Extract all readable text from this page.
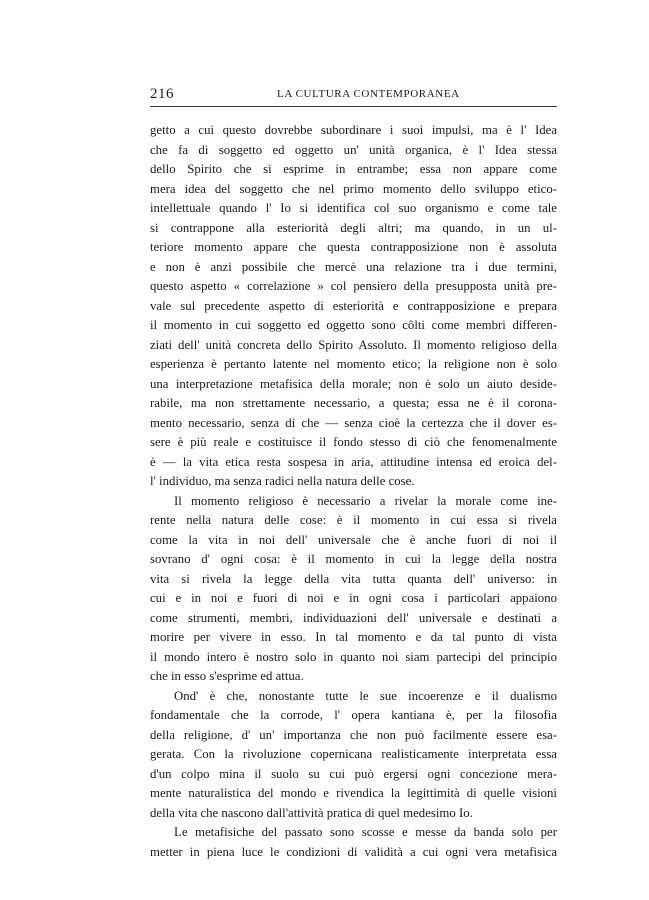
216	LA CULTURA CONTEMPORANEA
getto a cui questo dovrebbe subordinare i suoi impulsi, ma è l' Idea
che fa di soggetto ed oggetto un' unità organica, è l' Idea stessa
dello Spirito che si esprime in entrambe; essa non appare come
mera idea del soggetto che nel primo momento dello sviluppo etico-
intellettuale quando l' Io si identifica col suo organismo e come tale
si contrappone alla esteriorità degli altri; ma quando, in un ul-
teriore momento appare che questa contrapposizione non è assoluta
e non è anzi possibile che mercè una relazione tra i due termini,
questo aspetto « correlazione » col pensiero della presupposta unità pre-
vale sul precedente aspetto di esteriorità e contrapposizione e prepara
il momento in cui soggetto ed oggetto sono côlti come membri differen-
ziati dell' unità concreta dello Spirito Assoluto. Il momento religioso della
esperienza è pertanto latente nel momento etico; la religione non è solo
una interpretazione metafisica della morale; non è solo un aiuto deside-
rabile, ma non strettamente necessario, a questa; essa ne è il corona-
mento necessario, senza di che — senza cioè la certezza che il dover es-
sere è più reale e costituisce il fondo stesso di ciò che fenomenalmente
è — la vita etica resta sospesa in aria, attitudine intensa ed eroica del-
l' individuo, ma senza radici nella natura delle cose.
Il momento religioso è necessario a rivelar la morale come ine-
rente nella natura delle cose: è il momento in cui essa si rivela
come la vita in noi dell' universale che è anche fuori di noi il
sovrano d' ogni cosa: è il momento in cui la legge della nostra
vita si rivela la legge della vita tutta quanta dell' universo: in
cui e in noi e fuori di noi e in ogni cosa i particolari appaiono
come strumenti, membri, individuazioni dell' universale e destinati a
morire per vivere in esso. In tal momento e da tal punto di vista
il mondo intero è nostro solo in quanto noi siam partecipi del principio
che in esso s'esprime ed attua.
Ond' è che, nonostante tutte le sue incoerenze e il dualismo
fondamentale che la corrode, l' opera kantiana è, per la filosofia
della religione, d' un' importanza che non può facilmente essere esa-
gerata. Con la rivoluzione copernicana realisticamente interpretata essa
d'un colpo mina il suolo su cui può ergersi ogni concezione mera-
mente naturalistica del mondo e rivendica la legittimità di quelle visioni
della vita che nascono dall'attività pratica di quel medesimo Io.
Le metafisiche del passato sono scosse e messe da banda solo per
metter in piena luce le condizioni di validità a cui ogni vera metafisica
